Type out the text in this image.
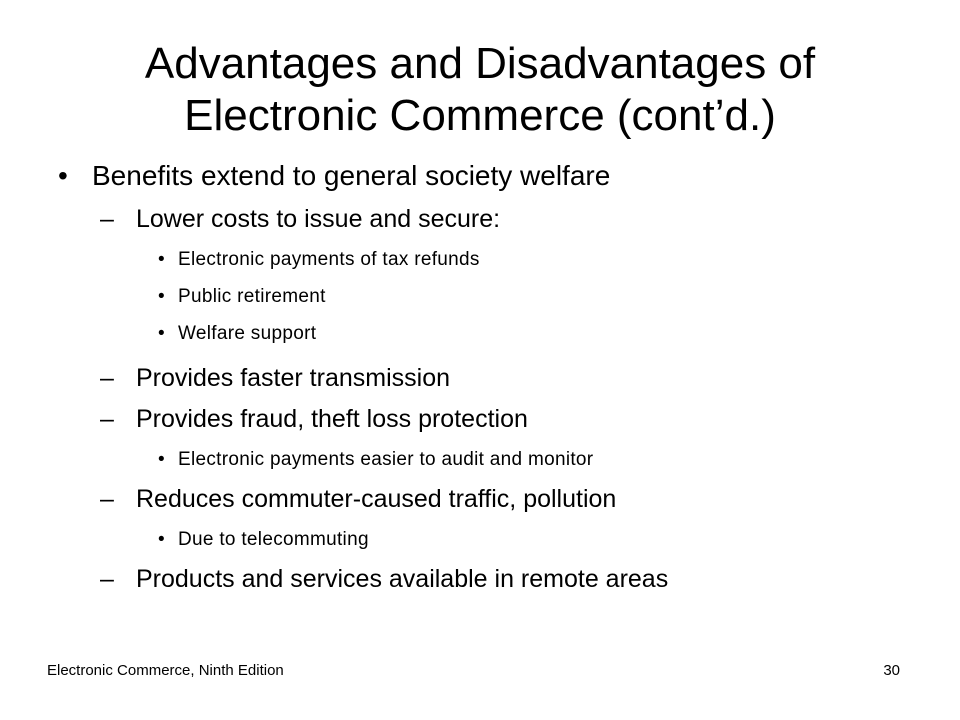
Advantages and Disadvantages of
Electronic Commerce (cont’d.)
• Benefits extend to general society welfare
– Lower costs to issue and secure:
• Electronic payments of tax refunds
• Public retirement
• Welfare support
– Provides faster transmission
– Provides fraud, theft loss protection
• Electronic payments easier to audit and monitor
– Reduces commuter-caused traffic, pollution
• Due to telecommuting
– Products and services available in remote areas
Electronic Commerce, Ninth Edition	30
